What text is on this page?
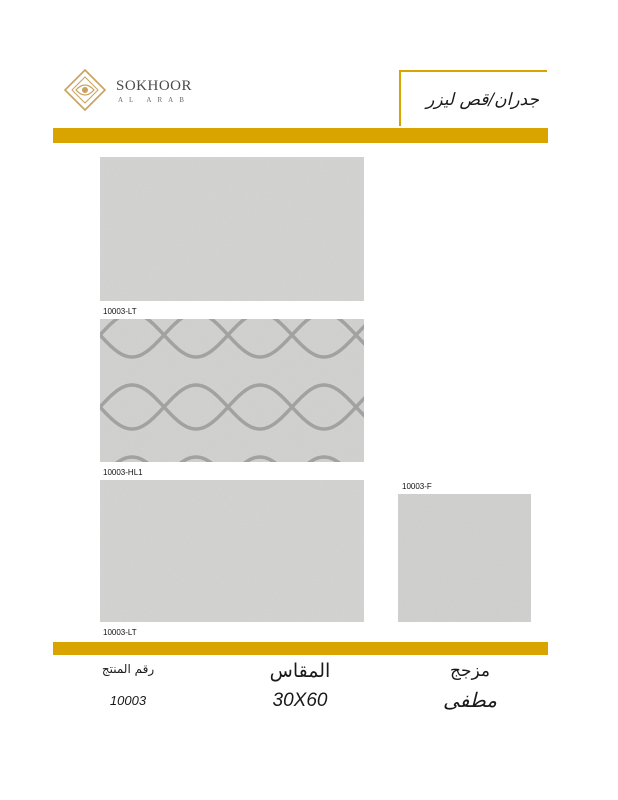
SOKHOOR
AL ARAB	جدران/قص ليزر
10003-LT
10003-HL1
10003-LT
10003-F
رقم المنتج
10003
المقاس
30X60
مزجج
مطفى
